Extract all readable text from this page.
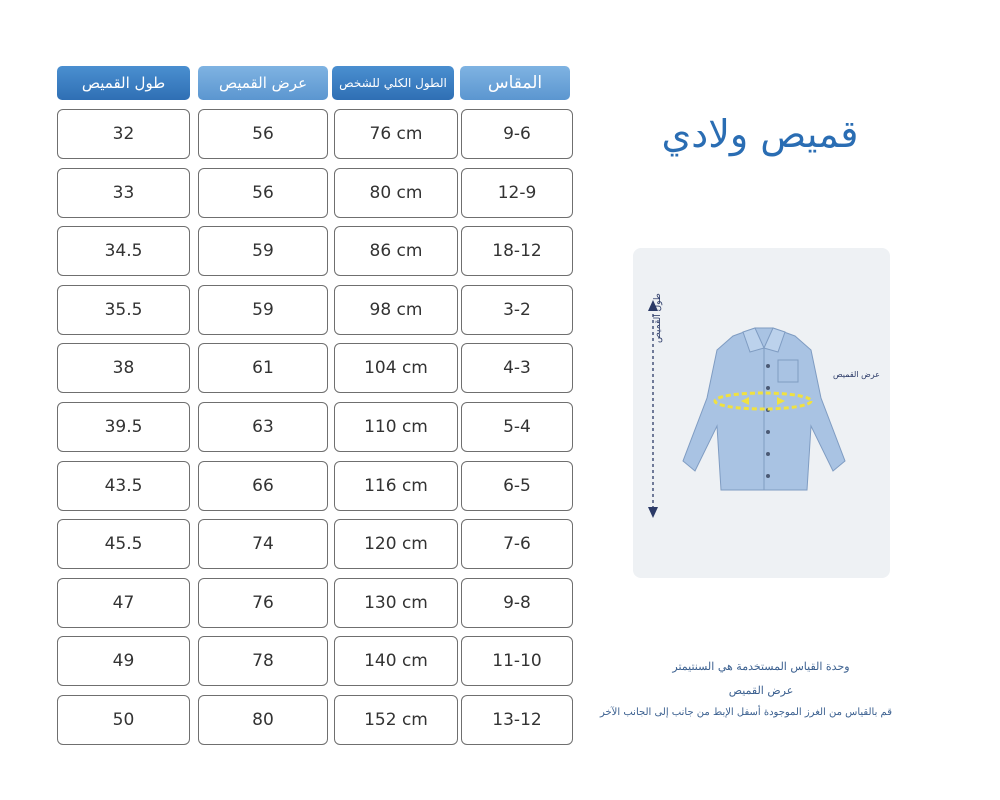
طول القميص	عرض القميص	الطول الكلي للشخص	المقاس
32	56	76 cm	9-6
33	56	80 cm	12-9
34.5	59	86 cm	18-12
35.5	59	98 cm	3-2
38	61	104 cm	4-3
39.5	63	110 cm	5-4
43.5	66	116 cm	6-5
45.5	74	120 cm	7-6
47	76	130 cm	9-8
49	78	140 cm	11-10
50	80	152 cm	13-12
قميص ولادي
طول القميص
عرض القميص
وحدة القياس المستخدمة هي السنتيمتر
عرض القميص
قم بالقياس من الغرز الموجودة أسفل الإبط من جانب إلى الجانب الآخر
